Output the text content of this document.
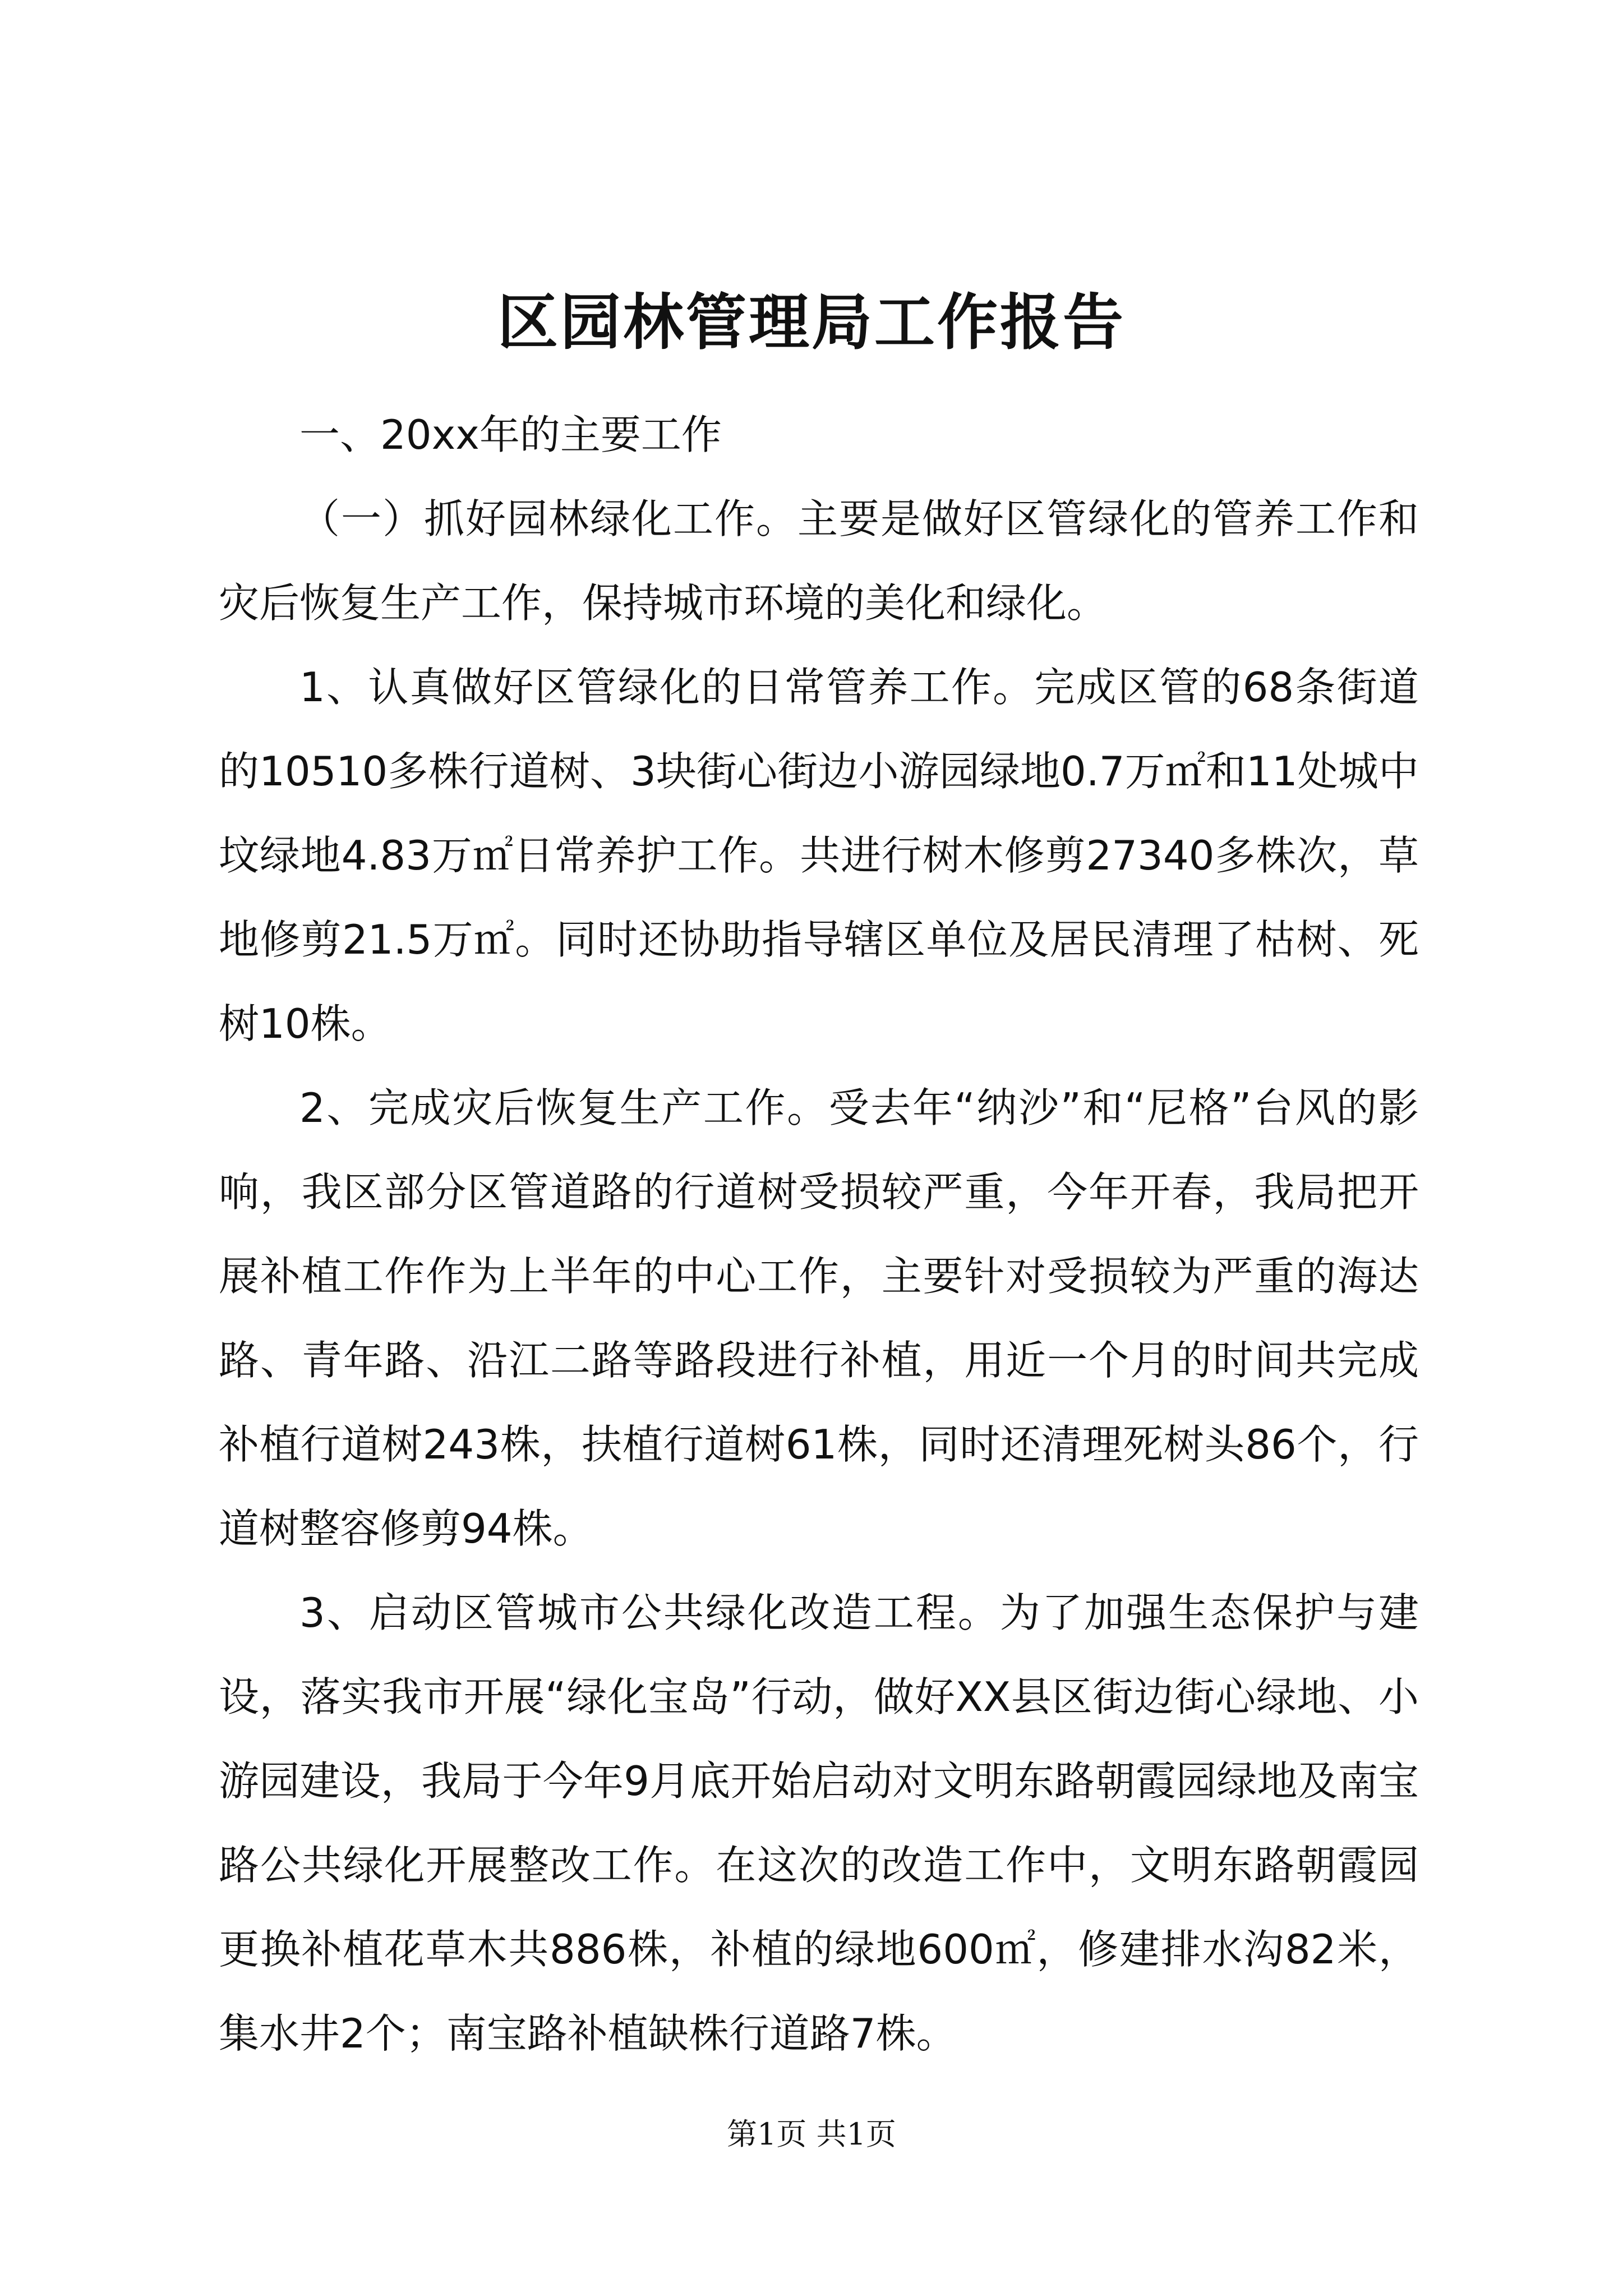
区园林管理局工作报告

一、20xx年的主要工作

（一）抓好园林绿化工作。主要是做好区管绿化的管养工作和灾后恢复生产工作，保持城市环境的美化和绿化。

1、认真做好区管绿化的日常管养工作。完成区管的68条街道的10510多株行道树、3块街心街边小游园绿地0.7万㎡和11处城中坟绿地4.83万㎡日常养护工作。共进行树木修剪27340多株次，草地修剪21.5万㎡。同时还协助指导辖区单位及居民清理了枯树、死树10株。

2、完成灾后恢复生产工作。受去年“纳沙”和“尼格”台风的影响，我区部分区管道路的行道树受损较严重，今年开春，我局把开展补植工作作为上半年的中心工作，主要针对受损较为严重的海达路、青年路、沿江二路等路段进行补植，用近一个月的时间共完成补植行道树243株，扶植行道树61株，同时还清理死树头86个，行道树整容修剪94株。

3、启动区管城市公共绿化改造工程。为了加强生态保护与建设，落实我市开展“绿化宝岛”行动，做好XX县区街边街心绿地、小游园建设，我局于今年9月底开始启动对文明东路朝霞园绿地及南宝路公共绿化开展整改工作。在这次的改造工作中，文明东路朝霞园更换补植花草木共886株，补植的绿地600㎡，修建排水沟82米，集水井2个；南宝路补植缺株行道路7株。

第1页 共1页
